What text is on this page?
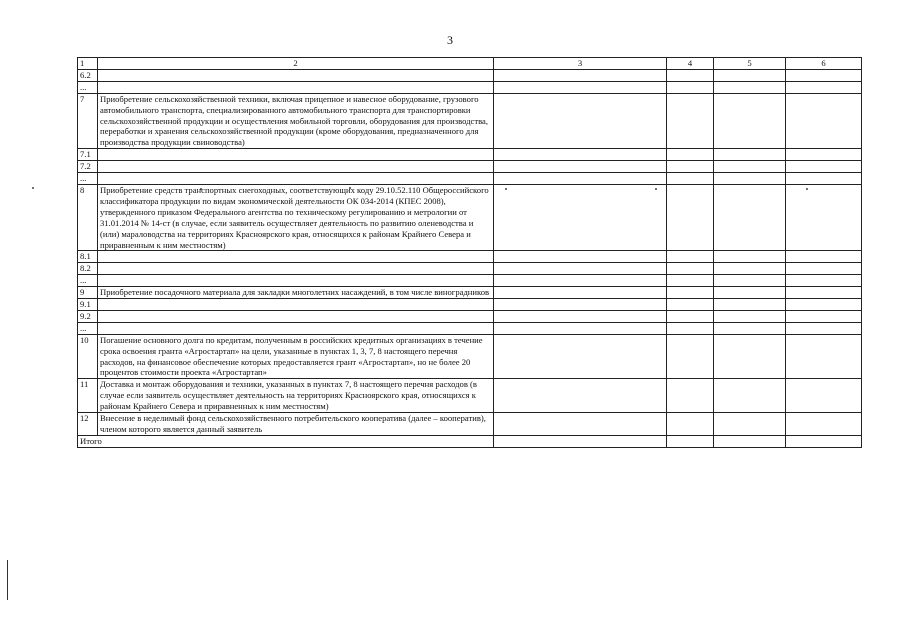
3
1	2	3	4	5	6
6.2					
...					
7	Приобретение сельскохозяйственной техники, включая прицепное и навесное оборудование, грузового автомобильного транспорта, специализированного автомобильного транспорта для транспортировки сельскохозяйственной продукции и осуществления мобильной торговли, оборудования для производства, переработки и хранения сельскохозяйственной продукции (кроме оборудования, предназначенного для производства продукции свиноводства)				
7.1					
7.2					
...					
8	Приобретение средств транспортных снегоходных, соответствующих коду 29.10.52.110 Общероссийского классификатора продукции по видам экономической деятельности ОК 034-2014 (КПЕС 2008), утвержденного приказом Федерального агентства по техническому регулированию и метрологии от 31.01.2014 № 14-ст (в случае, если заявитель осуществляет деятельность по развитию оленеводства и (или) мараловодства на территориях Красноярского края, относящихся к районам Крайнего Севера и приравненным к ним местностям)				
8.1					
8.2					
...					
9	Приобретение посадочного материала для закладки многолетних насаждений, в том числе виноградников				
9.1					
9.2					
...					
10	Погашение основного долга по кредитам, полученным в российских кредитных организациях в течение срока освоения гранта «Агростартап» на цели, указанные в пунктах 1, 3, 7, 8 настоящего перечня расходов, на финансовое обеспечение которых предоставляется грант «Агростартап», но не более 20 процентов стоимости проекта «Агростартап»				
11	Доставка и монтаж оборудования и техники, указанных в пунктах 7, 8 настоящего перечня расходов (в случае если заявитель осуществляет деятельность на территориях Красноярского края, относящихся к районам Крайнего Севера и приравненных к ним местностям)				
12	Внесение в неделимый фонд сельскохозяйственного потребительского кооператива (далее – кооператив), членом которого является данный заявитель				
Итого					
